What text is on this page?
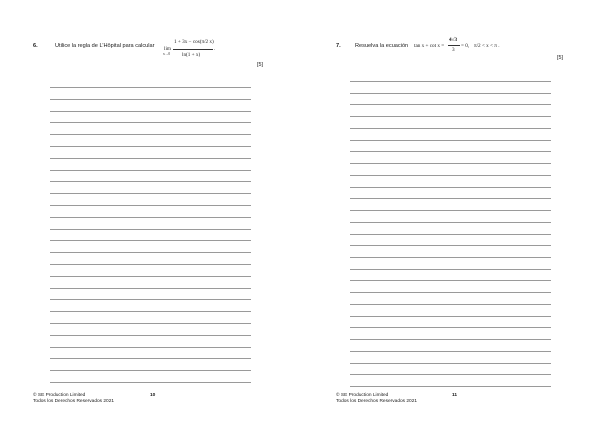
6.	Utilice la regla de L’Hôpital para calcular lim
x→0
1 + 3x − cos(π/2 x)
ln(1 + x)
.
[5]
© SE Production Limited
Todos los Derechos Reservados 2021
10
7.	Resuelva la ecuación tan x + cot x =
4√3
3
= 0, π/2 < x < π .
[5]
© SE Production Limited
Todos los Derechos Reservados 2021
11
